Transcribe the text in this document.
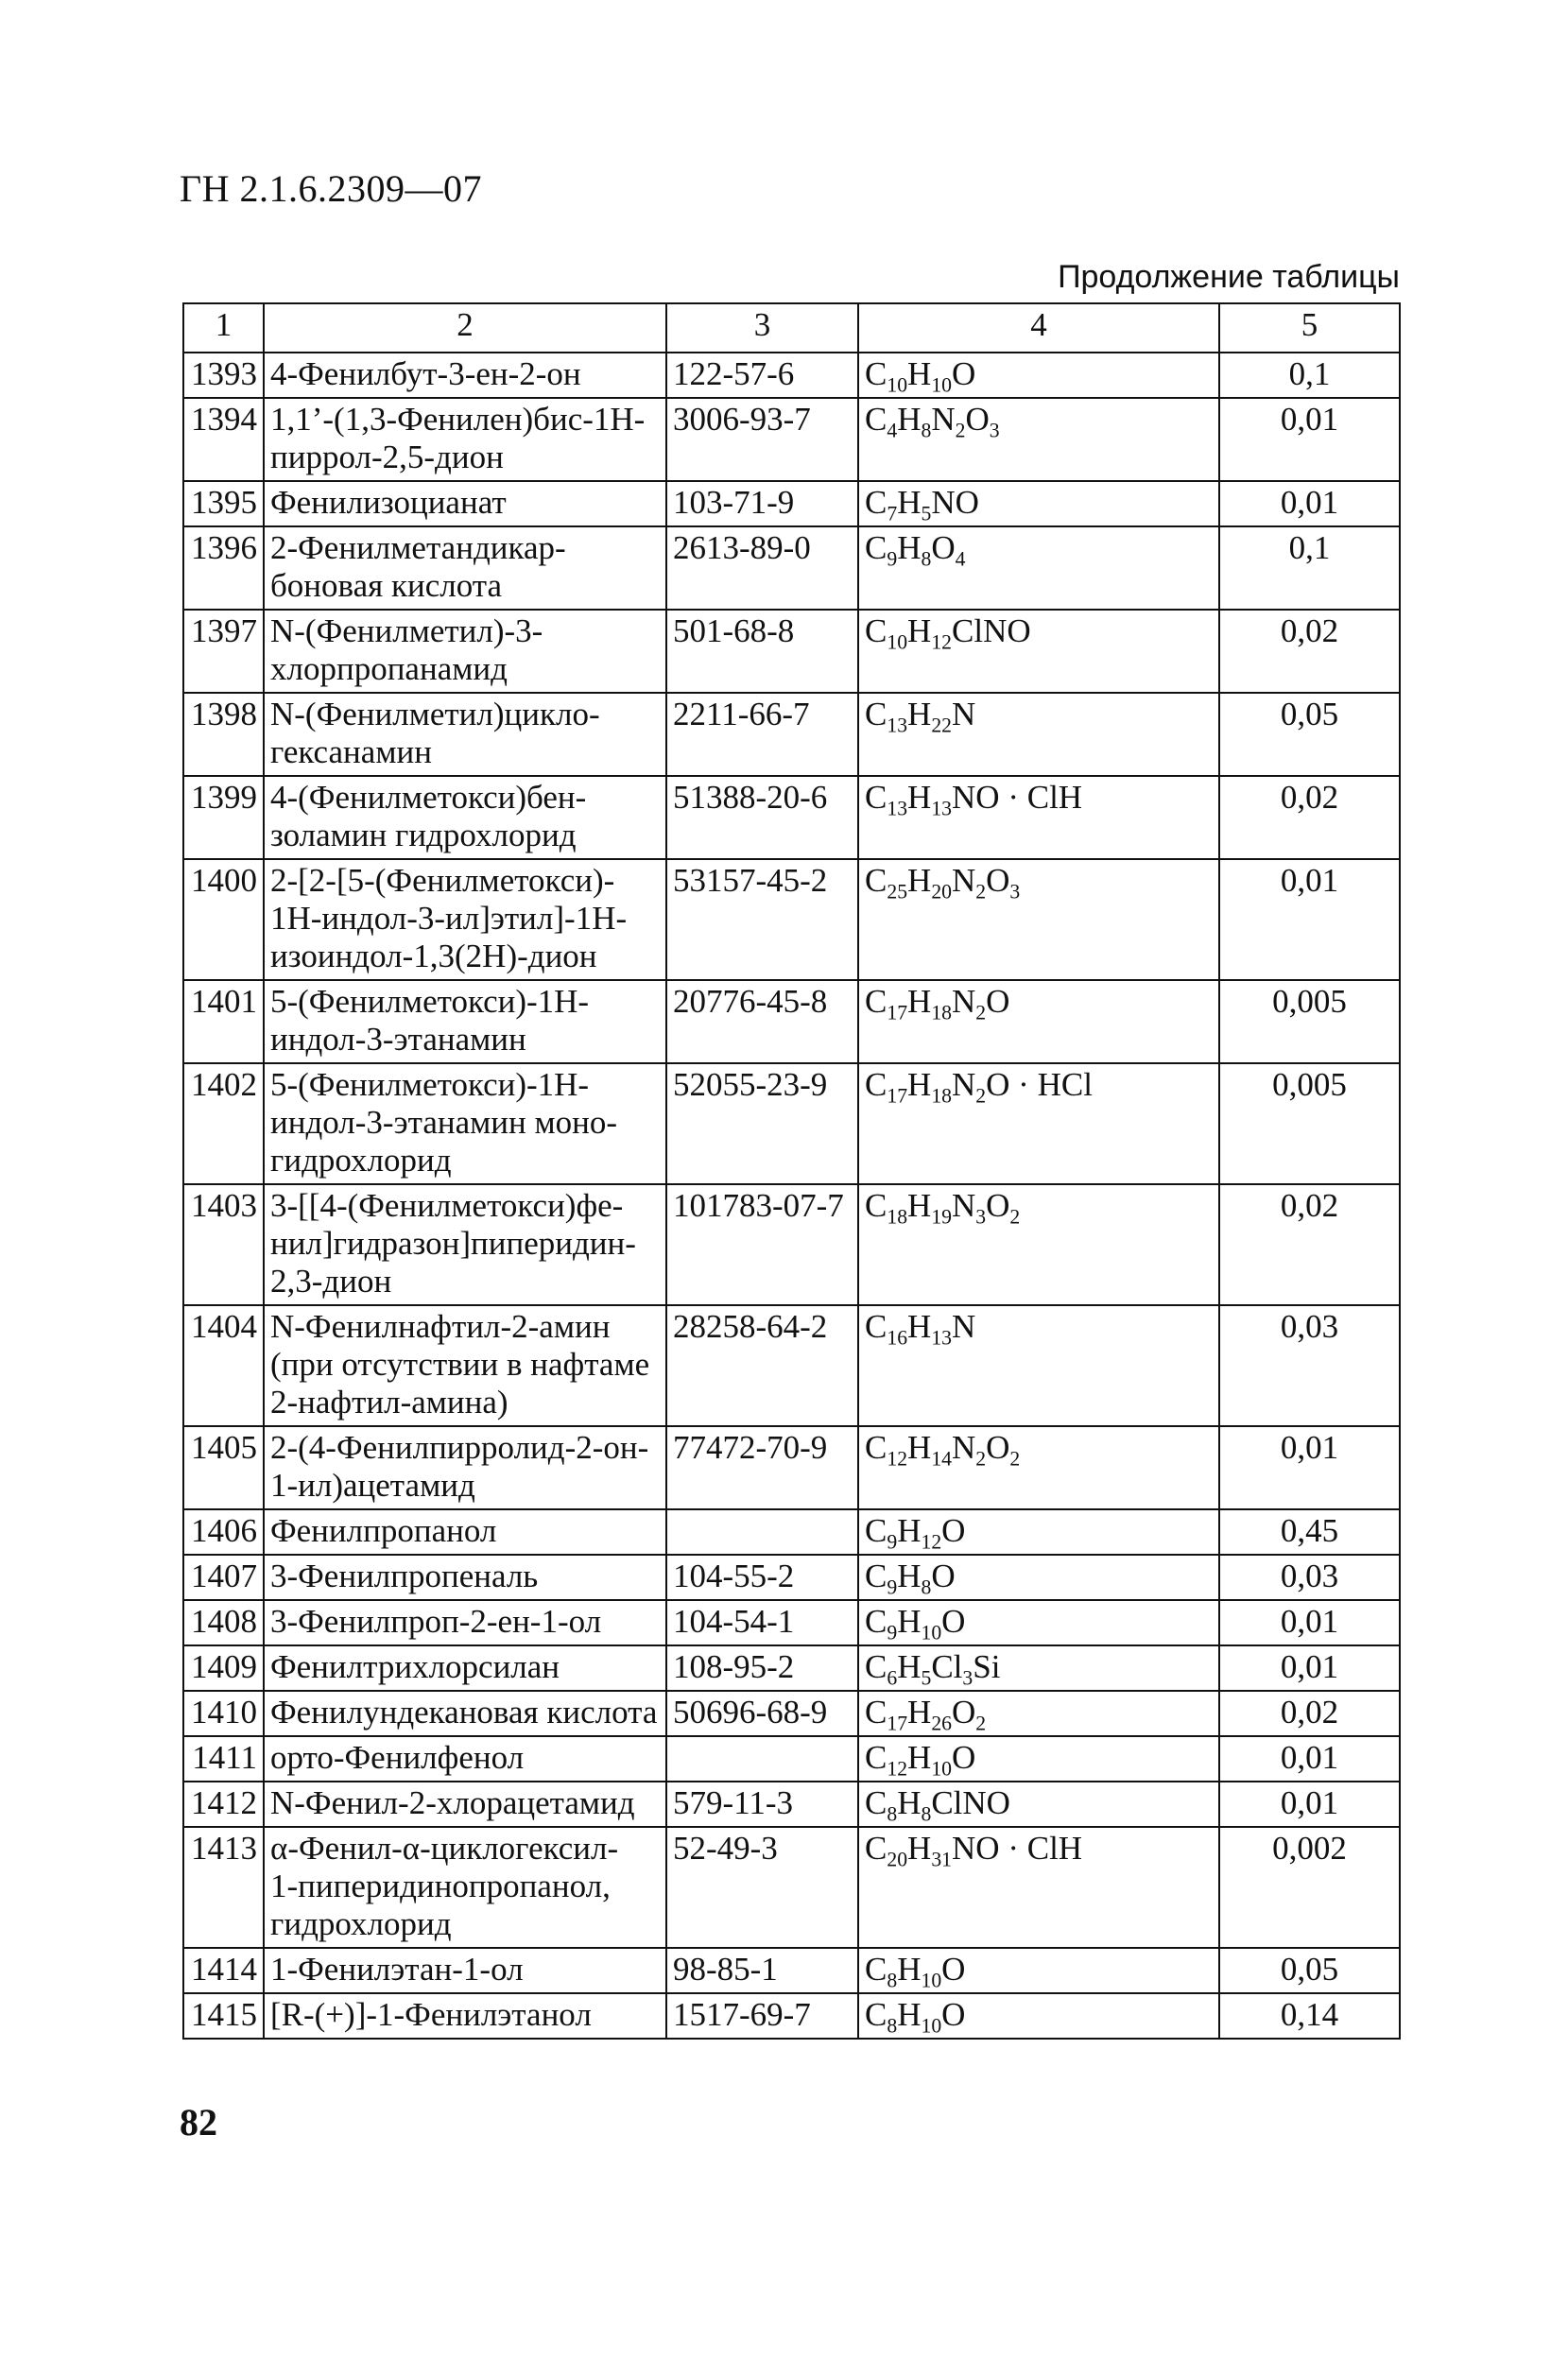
ГН 2.1.6.2309—07
Продолжение таблицы
1	2	3	4	5
1393	4-Фенилбут-3-ен-2-он	122-57-6	$C_{10}H_{10}O$	0,1
1394	1,1’-(1,3-Фенилен)бис-1Н-
пиррол-2,5-дион	3006-93-7	$C_4H_8N_2O_3$	0,01
1395	Фенилизоцианат	103-71-9	$C_7H_5NO$	0,01
1396	2-Фенилметандикар-
боновая кислота	2613-89-0	$C_9H_8O_4$	0,1
1397	N-(Фенилметил)-3-
хлорпропанамид	501-68-8	$C_{10}H_{12}ClNO$	0,02
1398	N-(Фенилметил)цикло-
гексанамин	2211-66-7	$C_{13}H_{22}N$	0,05
1399	4-(Фенилметокси)бен-
золамин гидрохлорид	51388-20-6	$C_{13}H_{13}NO$ · ClH	0,02
1400	2-[2-[5-(Фенилметокси)-
1Н-индол-3-ил]этил]-1Н-
изоиндол-1,3(2Н)-дион	53157-45-2	$C_{25}H_{20}N_2O_3$	0,01
1401	5-(Фенилметокси)-1Н-
индол-3-этанамин	20776-45-8	$C_{17}H_{18}N_2O$	0,005
1402	5-(Фенилметокси)-1Н-
индол-3-этанамин моно-
гидрохлорид	52055-23-9	$C_{17}H_{18}N_2O$ · HCl	0,005
1403	3-[[4-(Фенилметокси)фе-
нил]гидразон]пиперидин-
2,3-дион	101783-07-7	$C_{18}H_{19}N_3O_2$	0,02
1404	N-Фенилнафтил-2-амин
(при отсутствии в нафтаме
2-нафтил-амина)	28258-64-2	$C_{16}H_{13}N$	0,03
1405	2-(4-Фенилпирролид-2-он-
1-ил)ацетамид	77472-70-9	$C_{12}H_{14}N_2O_2$	0,01
1406	Фенилпропанол		$C_9H_{12}O$	0,45
1407	3-Фенилпропеналь	104-55-2	$C_9H_8O$	0,03
1408	3-Фенилпроп-2-ен-1-ол	104-54-1	$C_9H_{10}O$	0,01
1409	Фенилтрихлорсилан	108-95-2	$C_6H_5Cl_3Si$	0,01
1410	Фенилундекановая кислота	50696-68-9	$C_{17}H_{26}O_2$	0,02
1411	орто-Фенилфенол		$C_{12}H_{10}O$	0,01
1412	N-Фенил-2-хлорацетамид	579-11-3	$C_8H_8ClNO$	0,01
1413	α-Фенил-α-циклогексил-
1-пиперидинопропанол,
гидрохлорид	52-49-3	$C_{20}H_{31}NO$ · ClH	0,002
1414	1-Фенилэтан-1-ол	98-85-1	$C_8H_{10}O$	0,05
1415	[R-(+)]-1-Фенилэтанол	1517-69-7	$C_8H_{10}O$	0,14
82
